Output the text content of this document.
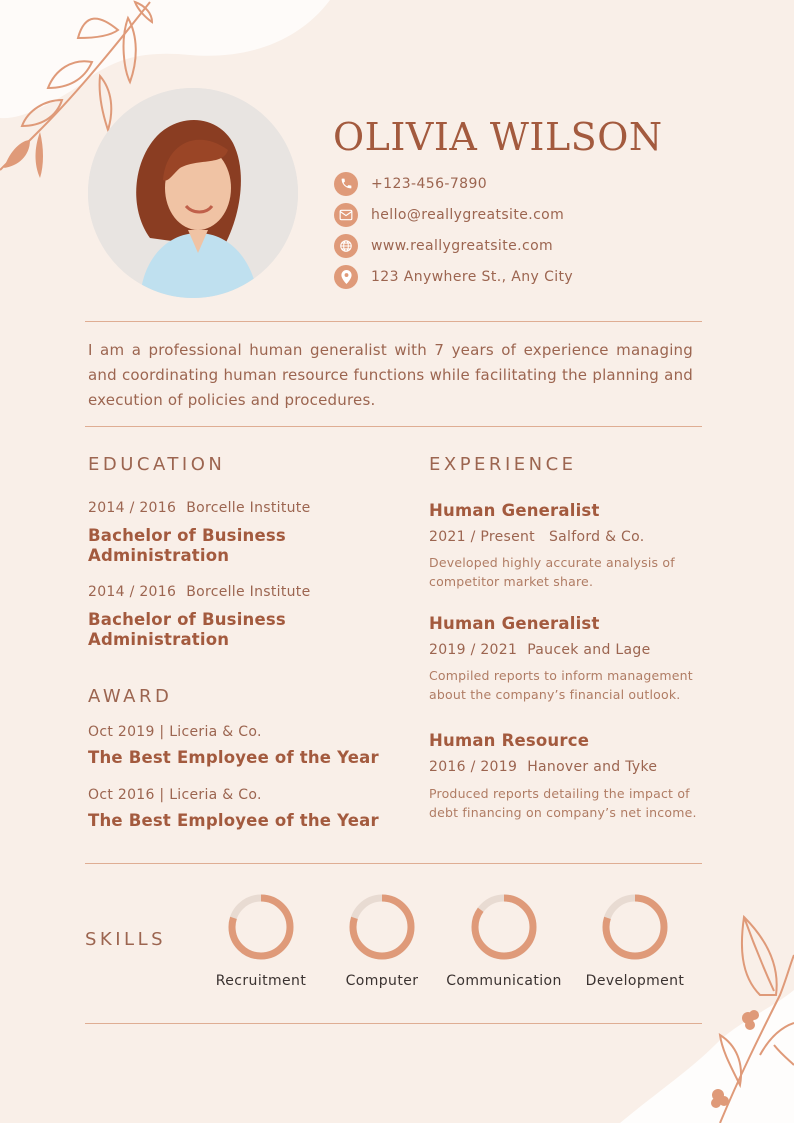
OLIVIA WILSON
+123-456-7890
hello@reallygreatsite.com
www.reallygreatsite.com
123 Anywhere St., Any City
I am a professional human generalist with 7 years of experience managing and coordinating human resource functions while facilitating the planning and execution of policies and procedures.
EDUCATION
2014 / 2016 Borcelle Institute
Bachelor of Business
Administration
2014 / 2016 Borcelle Institute
Bachelor of Business
Administration
AWARD
Oct 2019 | Liceria & Co.
The Best Employee of the Year
Oct 2016 | Liceria & Co.
The Best Employee of the Year
EXPERIENCE
Human Generalist
2021 / Present Salford & Co.
Developed highly accurate analysis of
competitor market share.
Human Generalist
2019 / 2021 Paucek and Lage
Compiled reports to inform management
about the company’s financial outlook.
Human Resource
2016 / 2019 Hanover and Tyke
Produced reports detailing the impact of
debt financing on company’s net income.
SKILLS
Recruitment	Computer	Communication	Development
